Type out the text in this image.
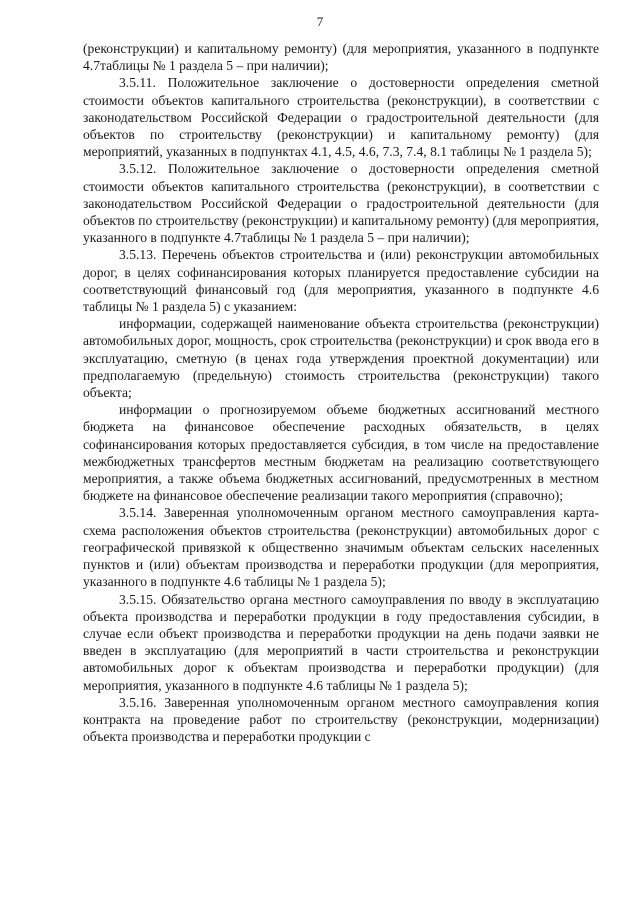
7

(реконструкции) и капитальному ремонту) (для мероприятия, указанного в подпункте 4.7таблицы № 1 раздела 5 – при наличии);

3.5.11. Положительное заключение о достоверности определения сметной стоимости объектов капитального строительства (реконструкции), в соответствии с законодательством Российской Федерации о градостроительной деятельности (для объектов по строительству (реконструкции) и капитальному ремонту) (для мероприятий, указанных в подпунктах 4.1, 4.5, 4.6, 7.3, 7.4, 8.1 таблицы № 1 раздела 5);

3.5.12. Положительное заключение о достоверности определения сметной стоимости объектов капитального строительства (реконструкции), в соответствии с законодательством Российской Федерации о градостроительной деятельности (для объектов по строительству (реконструкции) и капитальному ремонту) (для мероприятия, указанного в подпункте 4.7таблицы № 1 раздела 5 – при наличии);

3.5.13. Перечень объектов строительства и (или) реконструкции автомобильных дорог, в целях софинансирования которых планируется предоставление субсидии на соответствующий финансовый год (для мероприятия, указанного в подпункте 4.6 таблицы № 1 раздела 5) с указанием:

информации, содержащей наименование объекта строительства (реконструкции) автомобильных дорог, мощность, срок строительства (реконструкции) и срок ввода его в эксплуатацию, сметную (в ценах года утверждения проектной документации) или предполагаемую (предельную) стоимость строительства (реконструкции) такого объекта;

информации о прогнозируемом объеме бюджетных ассигнований местного бюджета на финансовое обеспечение расходных обязательств, в целях софинансирования которых предоставляется субсидия, в том числе на предоставление межбюджетных трансфертов местным бюджетам на реализацию соответствующего мероприятия, а также объема бюджетных ассигнований, предусмотренных в местном бюджете на финансовое обеспечение реализации такого мероприятия (справочно);

3.5.14. Заверенная уполномоченным органом местного самоуправления карта-схема расположения объектов строительства (реконструкции) автомобильных дорог с географической привязкой к общественно значимым объектам сельских населенных пунктов и (или) объектам производства и переработки продукции (для мероприятия, указанного в подпункте 4.6 таблицы № 1 раздела 5);

3.5.15. Обязательство органа местного самоуправления по вводу в эксплуатацию объекта производства и переработки продукции в году предоставления субсидии, в случае если объект производства и переработки продукции на день подачи заявки не введен в эксплуатацию (для мероприятий в части строительства и реконструкции автомобильных дорог к объектам производства и переработки продукции) (для мероприятия, указанного в подпункте 4.6 таблицы № 1 раздела 5);

3.5.16. Заверенная уполномоченным органом местного самоуправления копия контракта на проведение работ по строительству (реконструкции, модернизации) объекта производства и переработки продукции с
